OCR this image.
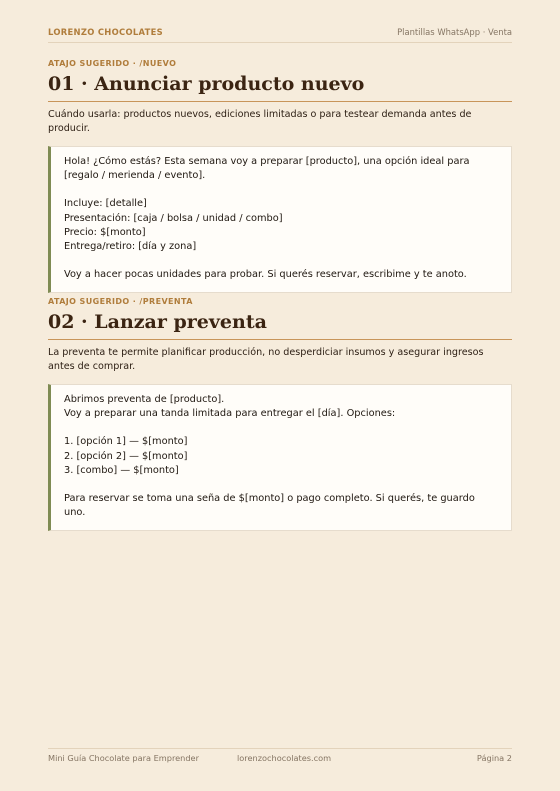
LORENZO CHOCOLATES	Plantillas WhatsApp · Venta
ATAJO SUGERIDO · /NUEVO
01 · Anunciar producto nuevo
Cuándo usarla: productos nuevos, ediciones limitadas o para testear demanda antes de producir.

Hola! ¿Cómo estás? Esta semana voy a preparar [producto], una opción ideal para [regalo / merienda / evento].

Incluye: [detalle]

Presentación: [caja / bolsa / unidad / combo]

Precio: $[monto]

Entrega/retiro: [día y zona]

Voy a hacer pocas unidades para probar. Si querés reservar, escribime y te anoto.

ATAJO SUGERIDO · /PREVENTA
02 · Lanzar preventa
La preventa te permite planificar producción, no desperdiciar insumos y asegurar ingresos antes de comprar.

Abrimos preventa de [producto].

Voy a preparar una tanda limitada para entregar el [día]. Opciones:

1. [opción 1] — $[monto]

2. [opción 2] — $[monto]

3. [combo] — $[monto]

Para reservar se toma una seña de $[monto] o pago completo. Si querés, te guardo uno.

Mini Guía Chocolate para Emprender	lorenzochocolates.com	Página 2
